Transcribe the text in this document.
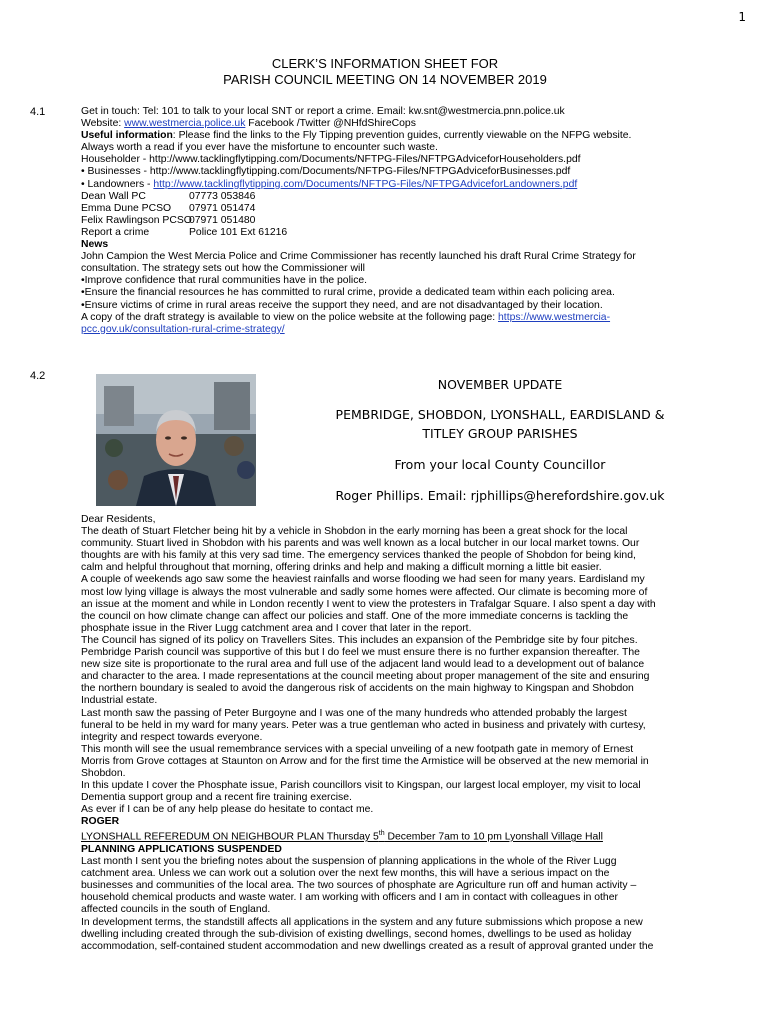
1
CLERK’S INFORMATION SHEET FOR
PARISH COUNCIL MEETING ON 14 NOVEMBER 2019
4.1	Get in touch: Tel: 101 to talk to your local SNT or report a crime. Email: kw.snt@westmercia.pnn.police.uk
Website: www.westmercia.police.uk Facebook /Twitter @NHfdShireCops
Useful information: Please find the links to the Fly Tipping prevention guides, currently viewable on the NFPG website.
Always worth a read if you ever have the misfortune to encounter such waste.
Householder - http://www.tacklingflytipping.com/Documents/NFTPG-Files/NFTPGAdviceforHouseholders.pdf
• Businesses - http://www.tacklingflytipping.com/Documents/NFTPG-Files/NFTPGAdviceforBusinesses.pdf
• Landowners - http://www.tacklingflytipping.com/Documents/NFTPG-Files/NFTPGAdviceforLandowners.pdf
Dean Wall PC	07773 053846
Emma Dune PCSO 07971 051474
Felix Rawlingson PCSO07971 051480
Report a crime	Police 101 Ext 61216
News
John Campion the West Mercia Police and Crime Commissioner has recently launched his draft Rural Crime Strategy for
consultation. The strategy sets out how the Commissioner will
•Improve confidence that rural communities have in the police.
•Ensure the financial resources he has committed to rural crime, provide a dedicated team within each policing area.
•Ensure victims of crime in rural areas receive the support they need, and are not disadvantaged by their location.
A copy of the draft strategy is available to view on the police website at the following page: https://www.westmercia-
pcc.gov.uk/consultation-rural-crime-strategy/
4.2
NOVEMBER UPDATE
PEMBRIDGE, SHOBDON, LYONSHALL, EARDISLAND &
TITLEY GROUP PARISHES
From your local County Councillor
Roger Phillips. Email: rjphillips@herefordshire.gov.uk
Dear Residents,
The death of Stuart Fletcher being hit by a vehicle in Shobdon in the early morning has been a great shock for the local
community. Stuart lived in Shobdon with his parents and was well known as a local butcher in our local market towns. Our
thoughts are with his family at this very sad time. The emergency services thanked the people of Shobdon for being kind,
calm and helpful throughout that morning, offering drinks and help and making a difficult morning a little bit easier.
A couple of weekends ago saw some the heaviest rainfalls and worse flooding we had seen for many years. Eardisland my
most low lying village is always the most vulnerable and sadly some homes were affected. Our climate is becoming more of
an issue at the moment and while in London recently I went to view the protesters in Trafalgar Square. I also spent a day with
the council on how climate change can affect our policies and staff. One of the more immediate concerns is tackling the
phosphate issue in the River Lugg catchment area and I cover that later in the report.
The Council has signed of its policy on Travellers Sites. This includes an expansion of the Pembridge site by four pitches.
Pembridge Parish council was supportive of this but I do feel we must ensure there is no further expansion thereafter. The
new size site is proportionate to the rural area and full use of the adjacent land would lead to a development out of balance
and character to the area. I made representations at the council meeting about proper management of the site and ensuring
the northern boundary is sealed to avoid the dangerous risk of accidents on the main highway to Kingspan and Shobdon
Industrial estate.
Last month saw the passing of Peter Burgoyne and I was one of the many hundreds who attended probably the largest
funeral to be held in my ward for many years. Peter was a true gentleman who acted in business and privately with curtesy,
integrity and respect towards everyone.
This month will see the usual remembrance services with a special unveiling of a new footpath gate in memory of Ernest
Morris from Grove cottages at Staunton on Arrow and for the first time the Armistice will be observed at the new memorial in
Shobdon.
In this update I cover the Phosphate issue, Parish councillors visit to Kingspan, our largest local employer, my visit to local
Dementia support group and a recent fire training exercise.
As ever if I can be of any help please do hesitate to contact me.
ROGER
LYONSHALL REFEREDUM ON NEIGHBOUR PLAN Thursday 5th December 7am to 10 pm Lyonshall Village Hall
PLANNING APPLICATIONS SUSPENDED
Last month I sent you the briefing notes about the suspension of planning applications in the whole of the River Lugg
catchment area. Unless we can work out a solution over the next few months, this will have a serious impact on the
businesses and communities of the local area. The two sources of phosphate are Agriculture run off and human activity –
household chemical products and waste water. I am working with officers and I am in contact with colleagues in other
affected councils in the south of England.
In development terms, the standstill affects all applications in the system and any future submissions which propose a new
dwelling including created through the sub-division of existing dwellings, second homes, dwellings to be used as holiday
accommodation, self-contained student accommodation and new dwellings created as a result of approval granted under the
